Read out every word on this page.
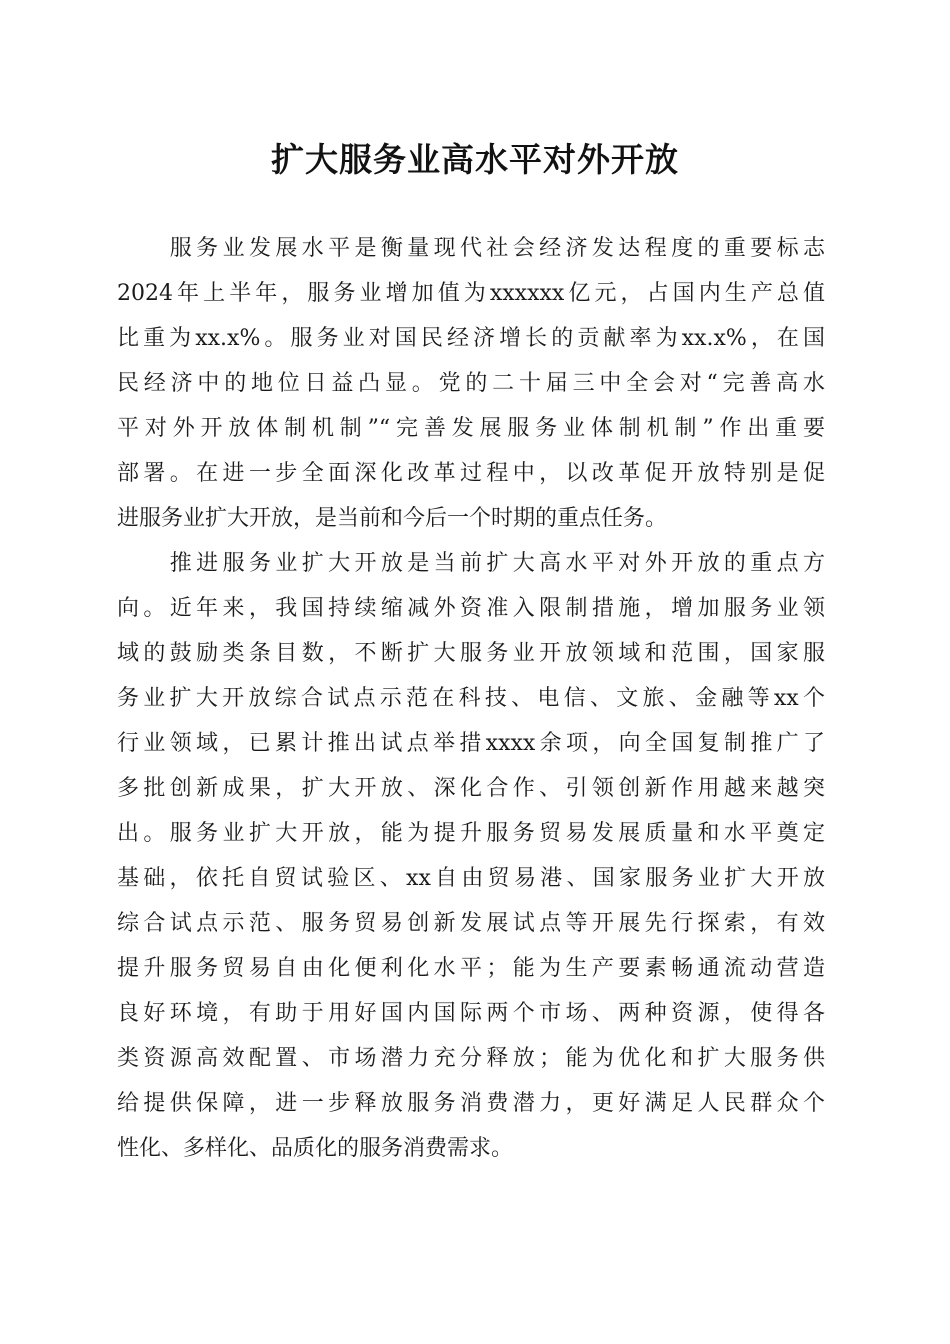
扩大服务业高水平对外开放

服务业发展水平是衡量现代社会经济发达程度的重要标志
2024年上半年，服务业增加值为xxxxxx亿元，占国内生产总值
比重为xx.x%。服务业对国民经济增长的贡献率为xx.x%，在国
民经济中的地位日益凸显。党的二十届三中全会对“完善高水
平对外开放体制机制”“完善发展服务业体制机制”作出重要
部署。在进一步全面深化改革过程中，以改革促开放特别是促
进服务业扩大开放，是当前和今后一个时期的重点任务。

推进服务业扩大开放是当前扩大高水平对外开放的重点方
向。近年来，我国持续缩减外资准入限制措施，增加服务业领
域的鼓励类条目数，不断扩大服务业开放领域和范围，国家服
务业扩大开放综合试点示范在科技、电信、文旅、金融等xx个
行业领域，已累计推出试点举措xxxx余项，向全国复制推广了
多批创新成果，扩大开放、深化合作、引领创新作用越来越突
出。服务业扩大开放，能为提升服务贸易发展质量和水平奠定
基础，依托自贸试验区、xx自由贸易港、国家服务业扩大开放
综合试点示范、服务贸易创新发展试点等开展先行探索，有效
提升服务贸易自由化便利化水平；能为生产要素畅通流动营造
良好环境，有助于用好国内国际两个市场、两种资源，使得各
类资源高效配置、市场潜力充分释放；能为优化和扩大服务供
给提供保障，进一步释放服务消费潜力，更好满足人民群众个
性化、多样化、品质化的服务消费需求。
